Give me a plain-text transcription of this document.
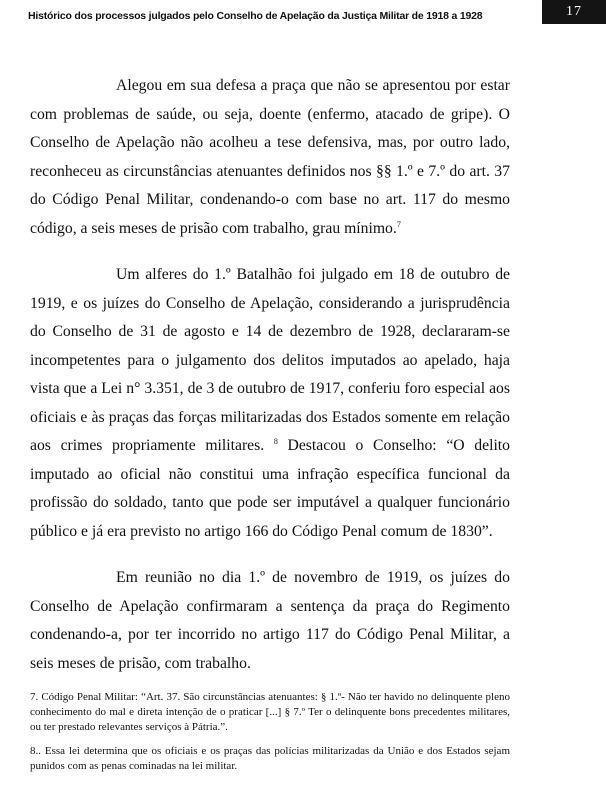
Histórico dos processos julgados pelo Conselho de Apelação da Justiça Militar de 1918 a 1928	17

Alegou em sua defesa a praça que não se apresentou por estar com problemas de saúde, ou seja, doente (enfermo, atacado de gripe). O Conselho de Apelação não acolheu a tese defensiva, mas, por outro lado, reconheceu as circunstâncias atenuantes definidos nos §§ 1.º e 7.º do art. 37 do Código Penal Militar, condenando-o com base no art. 117 do mesmo código, a seis meses de prisão com trabalho, grau mínimo.$^7$

Um alferes do 1.º Batalhão foi julgado em 18 de outubro de 1919, e os juízes do Conselho de Apelação, considerando a jurisprudência do Conselho de 31 de agosto e 14 de dezembro de 1928, declararam-se incompetentes para o julgamento dos delitos imputados ao apelado, haja vista que a Lei n° 3.351, de 3 de outubro de 1917, conferiu foro especial aos oficiais e às praças das forças militarizadas dos Estados somente em relação aos crimes propriamente militares. $^8$ Destacou o Conselho: “O delito imputado ao oficial não constitui uma infração específica funcional da profissão do soldado, tanto que pode ser imputável a qualquer funcionário público e já era previsto no artigo 166 do Código Penal comum de 1830”.

Em reunião no dia 1.º de novembro de 1919, os juízes do Conselho de Apelação confirmaram a sentença da praça do Regimento condenando-a, por ter incorrido no artigo 117 do Código Penal Militar, a seis meses de prisão, com trabalho.

7. Código Penal Militar: “Art. 37. São circunstâncias atenuantes: § 1.º- Não ter havido no delinquente pleno conhecimento do mal e direta intenção de o praticar [...] § 7.º Ter o delinquente bons precedentes militares, ou ter prestado relevantes serviços à Pátria.”.

8.. Essa lei determina que os oficiais e os praças das polícias militarizadas da União e dos Estados sejam punidos com as penas cominadas na lei militar.
